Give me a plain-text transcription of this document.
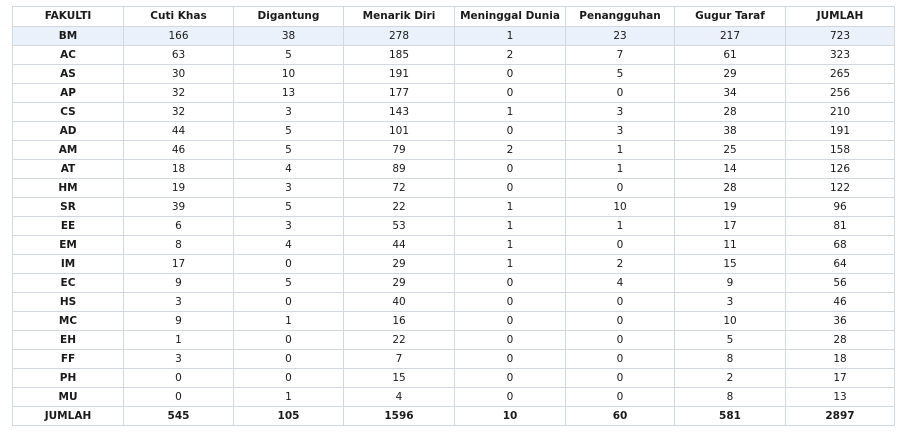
FAKULTI	Cuti Khas	Digantung	Menarik Diri	Meninggal Dunia	Penangguhan	Gugur Taraf	JUMLAH
BM	166	38	278	1	23	217	723
AC	63	5	185	2	7	61	323
AS	30	10	191	0	5	29	265
AP	32	13	177	0	0	34	256
CS	32	3	143	1	3	28	210
AD	44	5	101	0	3	38	191
AM	46	5	79	2	1	25	158
AT	18	4	89	0	1	14	126
HM	19	3	72	0	0	28	122
SR	39	5	22	1	10	19	96
EE	6	3	53	1	1	17	81
EM	8	4	44	1	0	11	68
IM	17	0	29	1	2	15	64
EC	9	5	29	0	4	9	56
HS	3	0	40	0	0	3	46
MC	9	1	16	0	0	10	36
EH	1	0	22	0	0	5	28
FF	3	0	7	0	0	8	18
PH	0	0	15	0	0	2	17
MU	0	1	4	0	0	8	13
JUMLAH	545	105	1596	10	60	581	2897
